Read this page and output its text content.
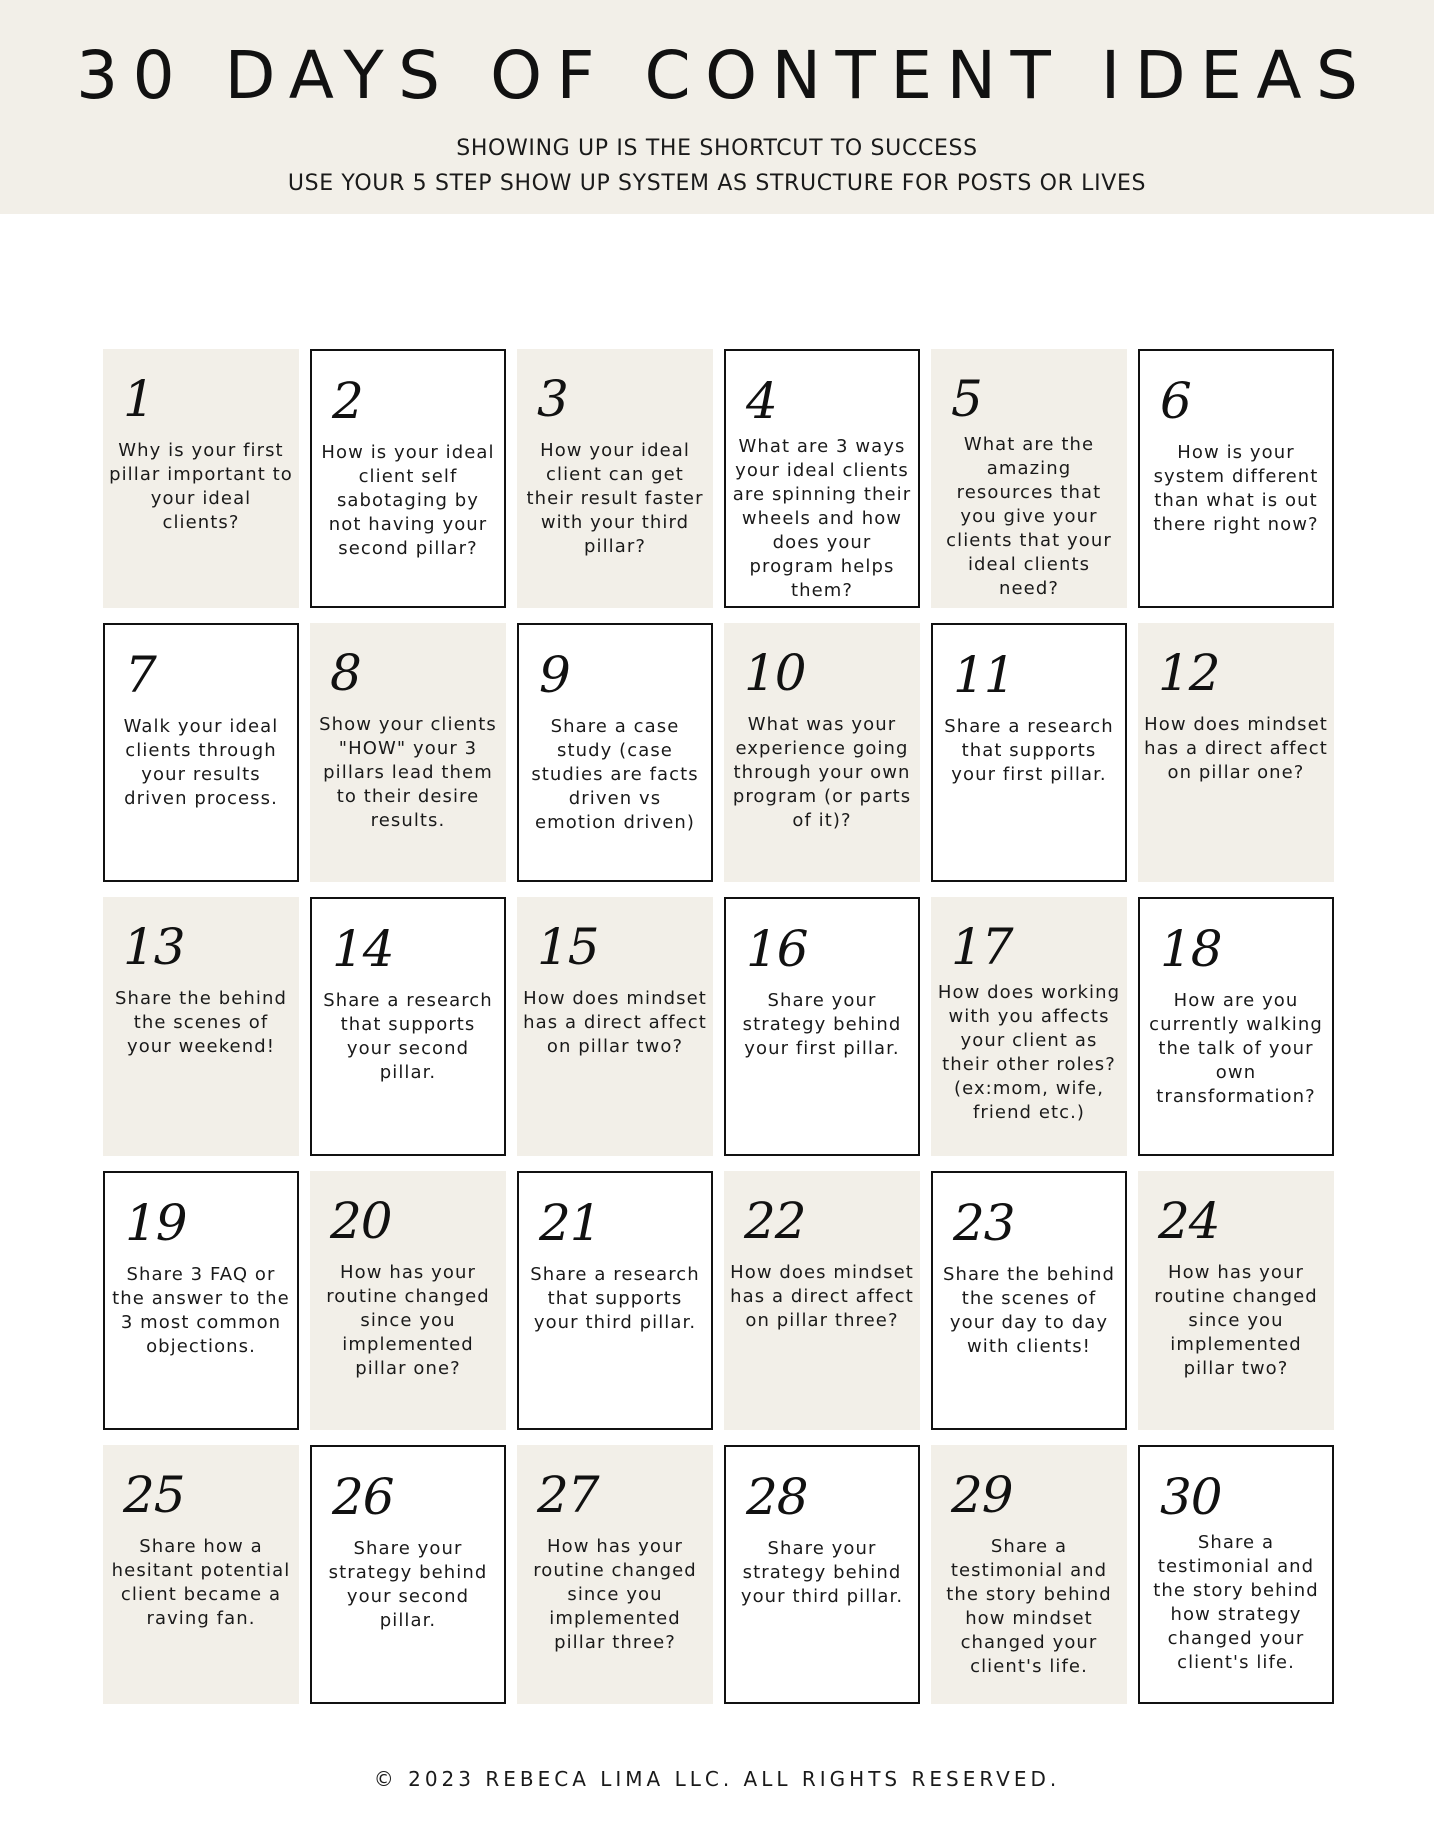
30 DAYS OF CONTENT IDEAS
SHOWING UP IS THE SHORTCUT TO SUCCESS
USE YOUR 5 STEP SHOW UP SYSTEM AS STRUCTURE FOR POSTS OR LIVES
1
Why is your first pillar important to your ideal clients?
2
How is your ideal client self sabotaging by not having your second pillar?
3
How your ideal client can get their result faster with your third pillar?
4
What are 3 ways your ideal clients are spinning their wheels and how does your program helps them?
5
What are the amazing resources that you give your clients that your ideal clients need?
6
How is your system different than what is out there right now?
7
Walk your ideal clients through your results driven process.
8
Show your clients "HOW" your 3 pillars lead them to their desire results.
9
Share a case study (case studies are facts driven vs emotion driven)
10
What was your experience going through your own program (or parts of it)?
11
Share a research that supports your first pillar.
12
How does mindset has a direct affect on pillar one?
13
Share the behind the scenes of your weekend!
14
Share a research that supports your second pillar.
15
How does mindset has a direct affect on pillar two?
16
Share your strategy behind your first pillar.
17
How does working with you affects your client as their other roles? (ex:mom, wife, friend etc.)
18
How are you currently walking the talk of your own transformation?
19
Share 3 FAQ or the answer to the 3 most common objections.
20
How has your routine changed since you implemented pillar one?
21
Share a research that supports your third pillar.
22
How does mindset has a direct affect on pillar three?
23
Share the behind the scenes of your day to day with clients!
24
How has your routine changed since you implemented pillar two?
25
Share how a hesitant potential client became a raving fan.
26
Share your strategy behind your second pillar.
27
How has your routine changed since you implemented pillar three?
28
Share your strategy behind your third pillar.
29
Share a testimonial and the story behind how mindset changed your client's life.
30
Share a testimonial and the story behind how strategy changed your client's life.
© 2023 REBECA LIMA LLC. ALL RIGHTS RESERVED.
